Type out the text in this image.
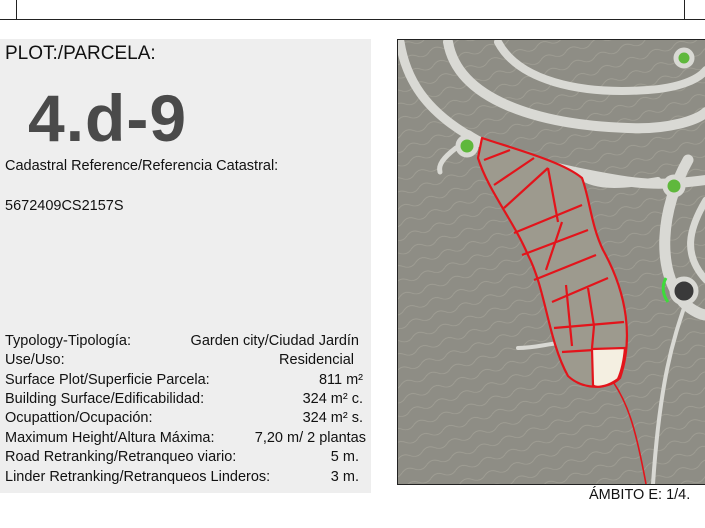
PLOT:/PARCELA:
4.d-9
Cadastral Reference/Referencia Catastral:
5672409CS2157S
Typology-Tipología:	Garden city/Ciudad Jardín
Use/Uso:	Residencial
Surface Plot/Superficie Parcela:	811 m²
Building Surface/Edificabilidad:	324 m² c.
Ocupattion/Ocupación:	324 m² s.
Maximum Height/Altura Máxima:	7,20 m/ 2 plantas
Road Retranking/Retranqueo viario:	5 m.
Linder Retranking/Retranqueos Linderos:	3 m.
ÁMBITO E: 1/4.
